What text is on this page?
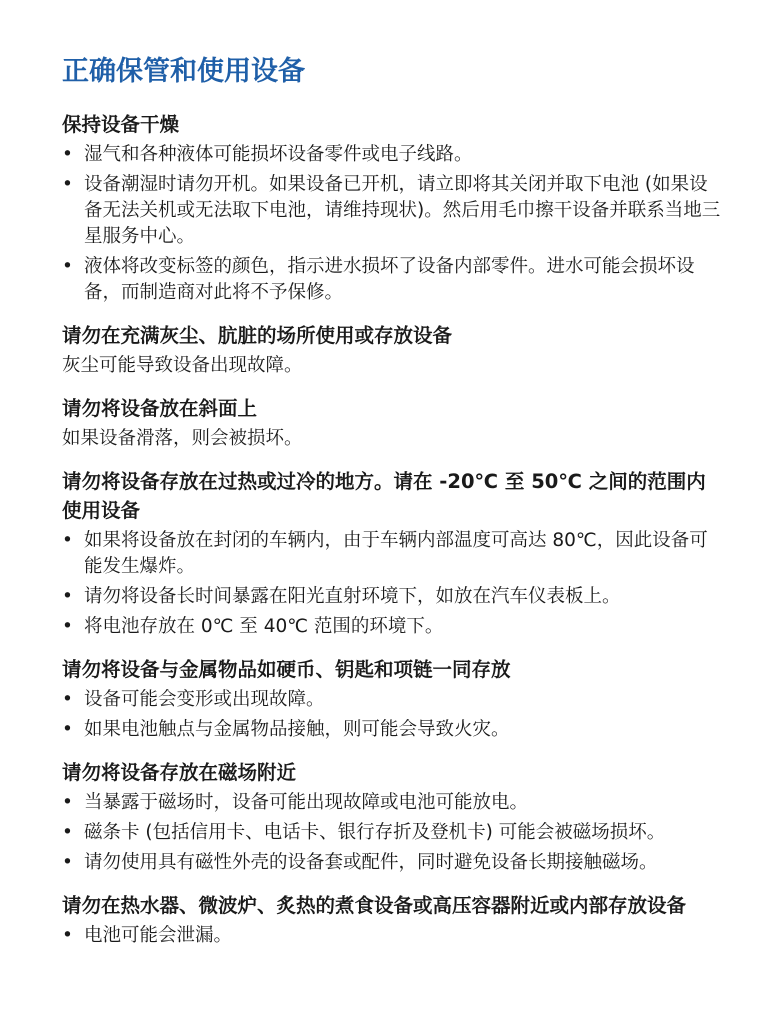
正确保管和使用设备
保持设备干燥
• 湿气和各种液体可能损坏设备零件或电子线路。
• 设备潮湿时请勿开机。如果设备已开机，请立即将其关闭并取下电池 (如果设备无法关机或无法取下电池，请维持现状)。然后用毛巾擦干设备并联系当地三星服务中心。
• 液体将改变标签的颜色，指示进水损坏了设备内部零件。进水可能会损坏设备，而制造商对此将不予保修。
请勿在充满灰尘、肮脏的场所使用或存放设备

灰尘可能导致设备出现故障。

请勿将设备放在斜面上

如果设备滑落，则会被损坏。

请勿将设备存放在过热或过冷的地方。请在 -20℃ 至 50℃ 之间的范围内使用设备
• 如果将设备放在封闭的车辆内，由于车辆内部温度可高达 80℃，因此设备可能发生爆炸。
• 请勿将设备长时间暴露在阳光直射环境下，如放在汽车仪表板上。
• 将电池存放在 0℃ 至 40℃ 范围的环境下。
请勿将设备与金属物品如硬币、钥匙和项链一同存放
• 设备可能会变形或出现故障。
• 如果电池触点与金属物品接触，则可能会导致火灾。
请勿将设备存放在磁场附近
• 当暴露于磁场时，设备可能出现故障或电池可能放电。
• 磁条卡 (包括信用卡、电话卡、银行存折及登机卡) 可能会被磁场损坏。
• 请勿使用具有磁性外壳的设备套或配件，同时避免设备长期接触磁场。
请勿在热水器、微波炉、炙热的煮食设备或高压容器附近或内部存放设备
• 电池可能会泄漏。
